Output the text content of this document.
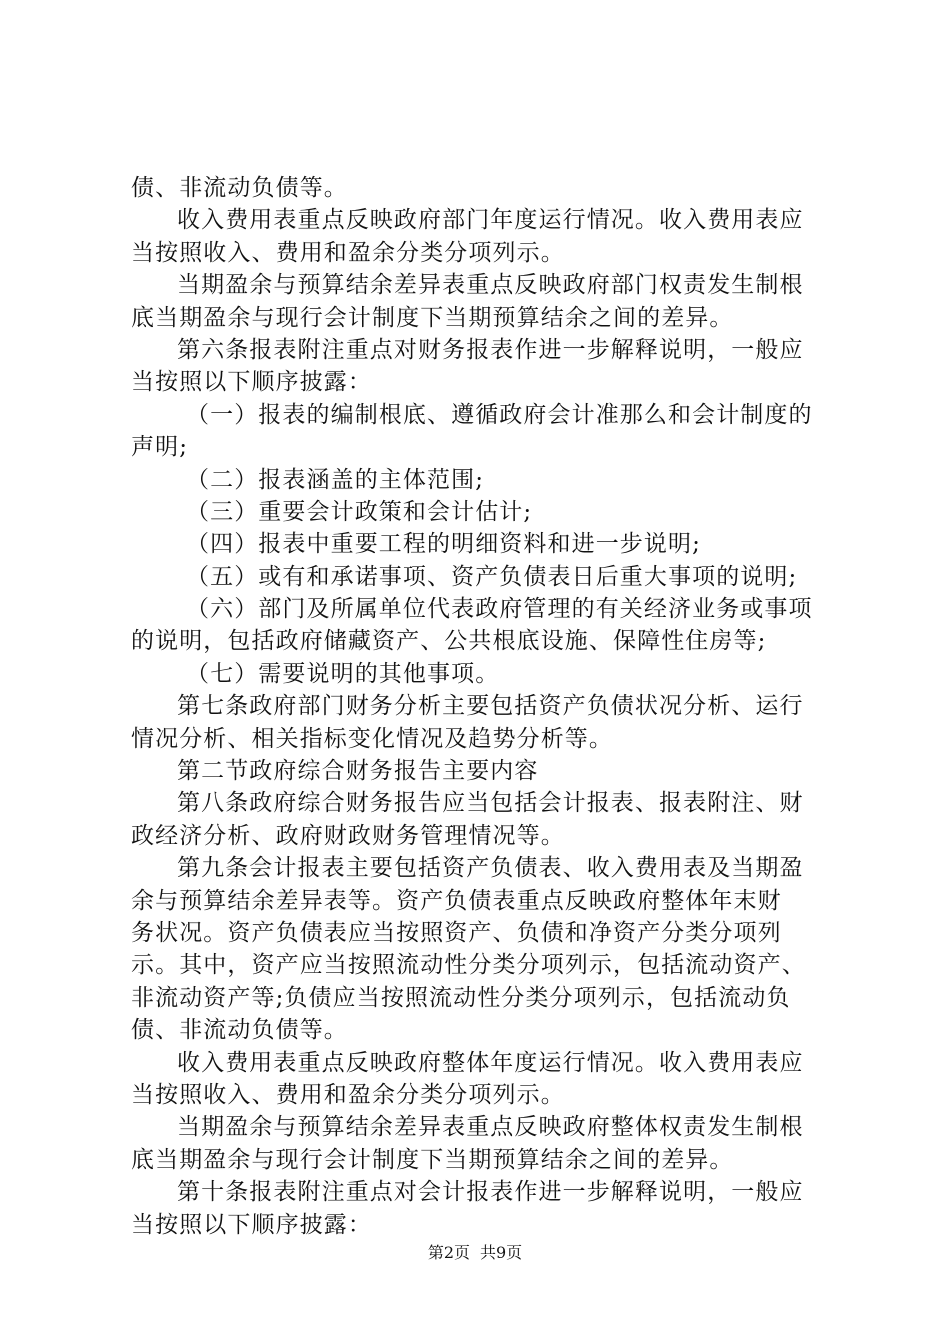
债、非流动负债等。
收入费用表重点反映政府部门年度运行情况。收入费用表应
当按照收入、费用和盈余分类分项列示。
当期盈余与预算结余差异表重点反映政府部门权责发生制根
底当期盈余与现行会计制度下当期预算结余之间的差异。
第六条报表附注重点对财务报表作进一步解释说明，一般应
当按照以下顺序披露：
（一）报表的编制根底、遵循政府会计准那么和会计制度的
声明;
（二）报表涵盖的主体范围;
（三）重要会计政策和会计估计;
（四）报表中重要工程的明细资料和进一步说明;
（五）或有和承诺事项、资产负债表日后重大事项的说明;
（六）部门及所属单位代表政府管理的有关经济业务或事项
的说明，包括政府储藏资产、公共根底设施、保障性住房等;
（七）需要说明的其他事项。
第七条政府部门财务分析主要包括资产负债状况分析、运行
情况分析、相关指标变化情况及趋势分析等。
第二节政府综合财务报告主要内容
第八条政府综合财务报告应当包括会计报表、报表附注、财
政经济分析、政府财政财务管理情况等。
第九条会计报表主要包括资产负债表、收入费用表及当期盈
余与预算结余差异表等。资产负债表重点反映政府整体年末财
务状况。资产负债表应当按照资产、负债和净资产分类分项列
示。其中，资产应当按照流动性分类分项列示，包括流动资产、
非流动资产等;负债应当按照流动性分类分项列示，包括流动负
债、非流动负债等。
收入费用表重点反映政府整体年度运行情况。收入费用表应
当按照收入、费用和盈余分类分项列示。
当期盈余与预算结余差异表重点反映政府整体权责发生制根
底当期盈余与现行会计制度下当期预算结余之间的差异。
第十条报表附注重点对会计报表作进一步解释说明，一般应
当按照以下顺序披露：
第2页 共9页
